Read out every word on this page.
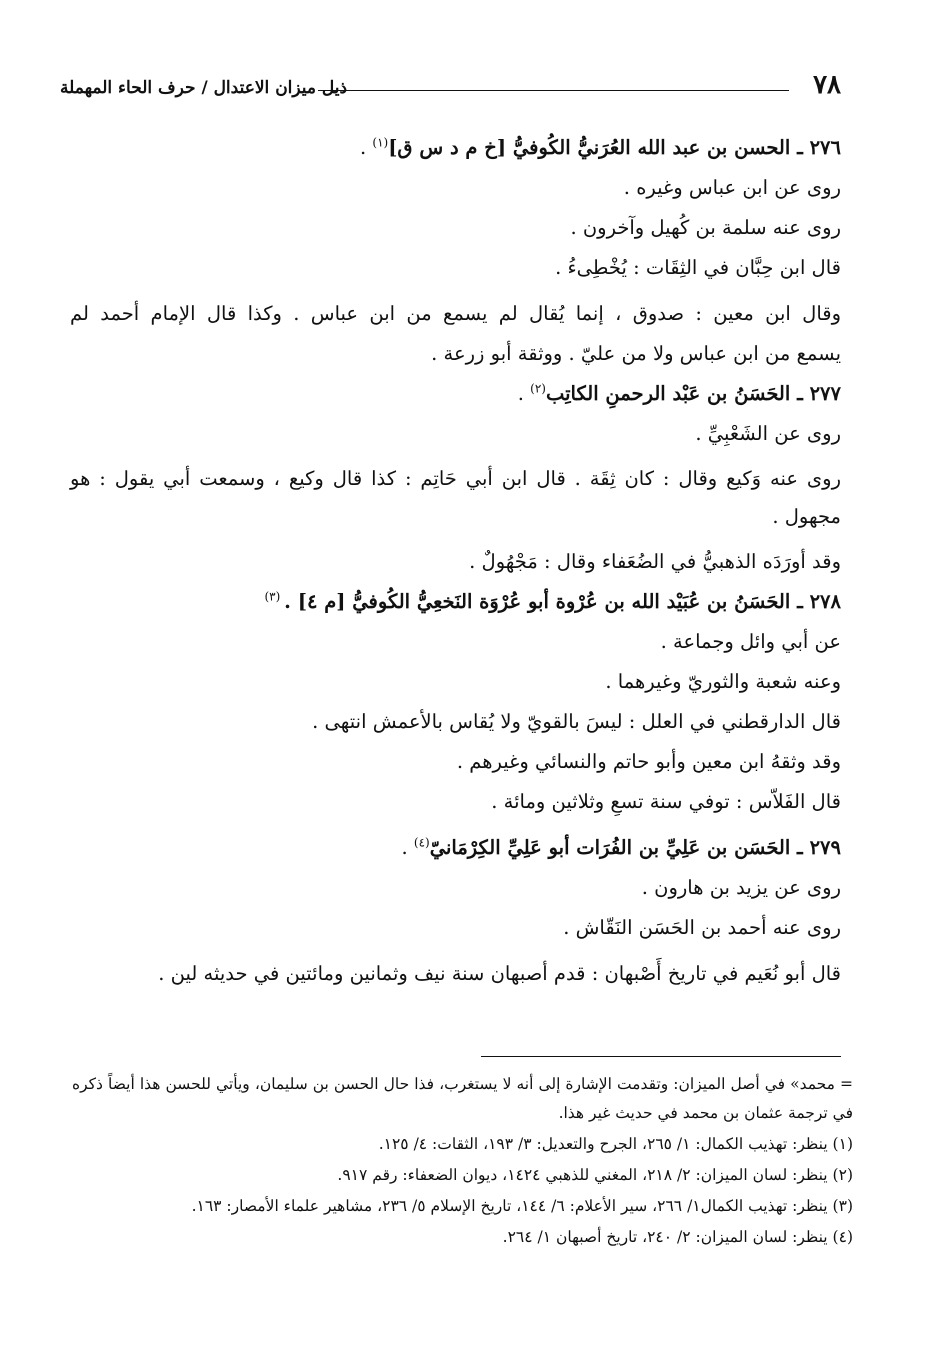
٧٨
ذيل ميزان الاعتدال / حرف الحاء المهملة
٢٧٦ ـ الحسن بن عبد الله العُرَنيُّ الكُوفيُّ [خ م د س ق]$^{(١)}$ .
روى عن ابن عباس وغيره .
روى عنه سلمة بن كُهيل وآخرون .
قال ابن حِبَّان في الثِقَات : يُخْطِىءُ .
وقال ابن معين : صدوق ، إنما يُقال لم يسمع من ابن عباس . وكذا قال الإمام أحمد لم
يسمع من ابن عباس ولا من عليّ . ووثقة أبو زرعة .
٢٧٧ ـ الحَسَنُ بن عَبْد الرحمنِ الكاتِب$^{(٢)}$ .
روى عن الشَعْبِيِّ .
روى عنه وَكيع وقال : كان ثِقَة . قال ابن أبي حَاتِم : كذا قال وكيع ، وسمعت أبي يقول : هو مجهول .
وقد أورَدَه الذهبيُّ في الضُعَفاء وقال : مَجْهُولٌ .
٢٧٨ ـ الحَسَنُ بن عُبَيْد الله بن عُرْوة أبو عُرْوَة النَخعِيُّ الكُوفيُّ [م ٤] . $^{(٣)}$
عن أبي وائل وجماعة .
وعنه شعبة والثوريّ وغيرهما .
قال الدارقطني في العلل : ليسَ بالقويّ ولا يُقاس بالأعمش انتهى .
وقد وثقهُ ابن معين وأبو حاتم والنسائي وغيرهم .
قال الفَلاّس : توفي سنة تسعِ وثلاثين ومائة .
٢٧٩ ـ الحَسَن بن عَلِيِّ بن الفُرَات أبو عَلِيِّ الكِرْمَانيّ$^{(٤)}$ .
روى عن يزيد بن هارون .
روى عنه أحمد بن الحَسَن النَقّاش .
قال أبو نُعَيم في تاريخ أَصْبهان : قدم أصبهان سنة نيف وثمانين ومائتين في حديثه لين .
= محمد» في أصل الميزان: وتقدمت الإشارة إلى أنه لا يستغرب، فذا حال الحسن بن سليمان، ويأتي للحسن هذا أيضاً ذكره في ترجمة عثمان بن محمد في حديث غير هذا.
(١) ينظر: تهذيب الكمال: ١/ ٢٦٥، الجرح والتعديل: ٣/ ١٩٣، الثقات: ٤/ ١٢٥.
(٢) ينظر: لسان الميزان: ٢/ ٢١٨، المغني للذهبي ١٤٢٤، ديوان الضعفاء: رقم ٩١٧.
(٣) ينظر: تهذيب الكمال١/ ٢٦٦، سير الأعلام: ٦/ ١٤٤، تاريخ الإسلام ٥/ ٢٣٦، مشاهير علماء الأمصار: ١٦٣.
(٤) ينظر: لسان الميزان: ٢/ ٢٤٠، تاريخ أصبهان ١/ ٢٦٤.
